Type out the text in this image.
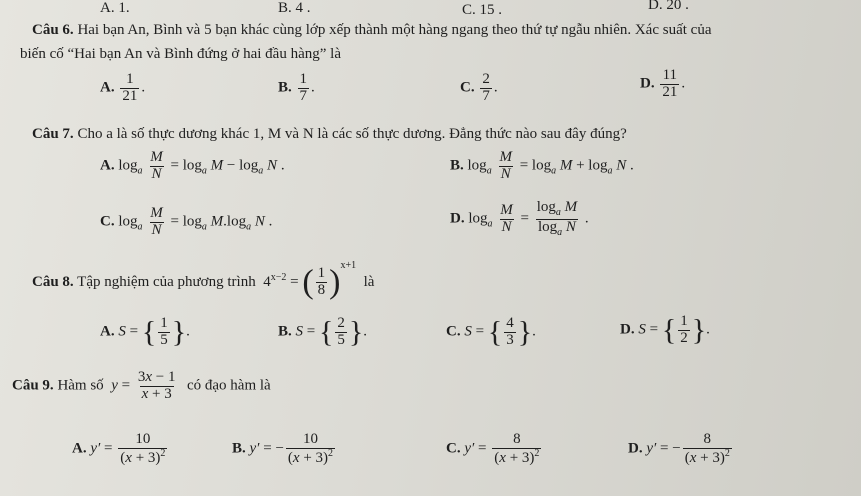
A. 1.	B. 4 .	C. 15 .	D. 20 .
Câu 6. Hai bạn An, Bình và 5 bạn khác cùng lớp xếp thành một hàng ngang theo thứ tự ngẫu nhiên. Xác suất của
biến cố “Hai bạn An và Bình đứng ở hai đầu hàng” là
A. $\frac{1}{21}$ .	B. $\frac{1}{7}$ .	C. $\frac{2}{7}$ .	D. $\frac{11}{21}$ .
Câu 7. Cho a là số thực dương khác 1, M và N là các số thực dương. Đẳng thức nào sau đây đúng?
A. $\log_a \frac{M}{N} = \log_a M - \log_a N$ .	B. $\log_a \frac{M}{N} = \log_a M + \log_a N$ .
C. $\log_a \frac{M}{N} = \log_a M.\log_a$ N .	D. $\log_a \frac{M}{N} = \frac{\log_a M}{\log_a N}$ .
Câu 8. Tập nghiệm của phương trình  $4^{x-2}$ = ( $\frac{1}{8} )^{x+1}$  là
A. S = { $\frac{1}{5}$ }.	B. S = { $\frac{2}{5}$ }.	C. S = { $\frac{4}{3}$ }.	D. S = { $\frac{1}{2}$ }.
Câu 9. Hàm số $y = \frac{3x - 1}{x + 3}$ có đạo hàm là
A. $y' = \frac{10}{(x + 3)^2}$	B. y′ = − $\frac{10}{(x + 3)^2}$	C. $y' = \frac{8}{(x + 3)^2}$	D. y′ = − $\frac{8}{(x + 3)^2}$
